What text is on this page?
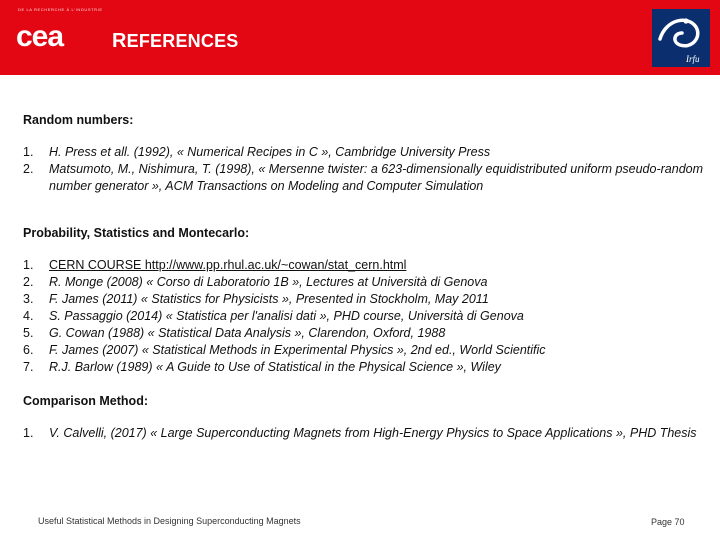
DE LA RECHERCHE À L'INDUSTRIE
cea REFERENCES
Irfu
Random numbers:
1. H. Press et all. (1992), « Numerical Recipes in C », Cambridge University Press
2. Matsumoto, M., Nishimura, T. (1998), « Mersenne twister: a 623-dimensionally equidistributed uniform pseudo-random number generator », ACM Transactions on Modeling and Computer Simulation
Probability, Statistics and Montecarlo:
1. CERN COURSE http://www.pp.rhul.ac.uk/~cowan/stat_cern.html
2. R. Monge (2008) « Corso di Laboratorio 1B », Lectures at Università di Genova
3. F. James (2011) « Statistics for Physicists », Presented in Stockholm, May 2011
4. S. Passaggio (2014) « Statistica per l'analisi dati », PHD course, Università di Genova
5. G. Cowan (1988) « Statistical Data Analysis », Clarendon, Oxford, 1988
6. F. James (2007) « Statistical Methods in Experimental Physics », 2nd ed., World Scientific
7. R.J. Barlow (1989) « A Guide to Use of Statistical in the Physical Science », Wiley
Comparison Method:
1. V. Calvelli, (2017) « Large Superconducting Magnets from High-Energy Physics to Space Applications », PHD Thesis
Useful Statistical Methods in Designing Superconducting Magnets	Page 70
